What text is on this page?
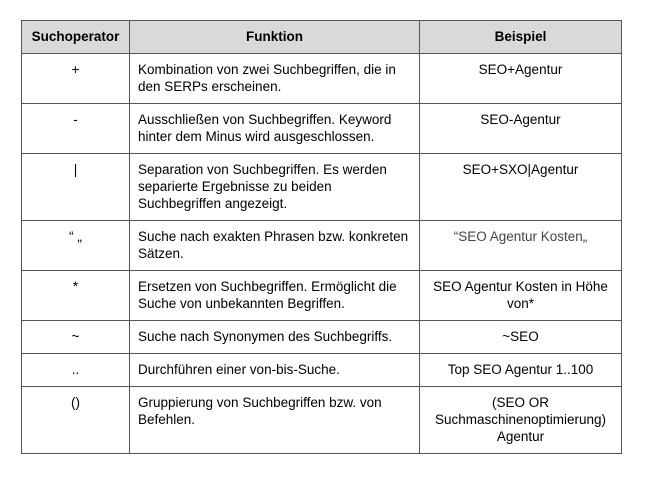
Suchoperator	Funktion	Beispiel
+	Kombination von zwei Suchbegriffen, die in den SERPs erscheinen.	SEO+Agentur
-	Ausschließen von Suchbegriffen. Keyword hinter dem Minus wird ausgeschlossen.	SEO-Agentur
|	Separation von Suchbegriffen. Es werden separierte Ergebnisse zu beiden Suchbegriffen angezeigt.	SEO+SXO|Agentur
“ „	Suche nach exakten Phrasen bzw. konkreten Sätzen.	“SEO Agentur Kosten„
*	Ersetzen von Suchbegriffen. Ermöglicht die Suche von unbekannten Begriffen.	SEO Agentur Kosten in Höhe von*
~	Suche nach Synonymen des Suchbegriffs.	~SEO
..	Durchführen einer von-bis-Suche.	Top SEO Agentur 1..100
()	Gruppierung von Suchbegriffen bzw. von Befehlen.	(SEO OR Suchmaschinenoptimierung) Agentur
